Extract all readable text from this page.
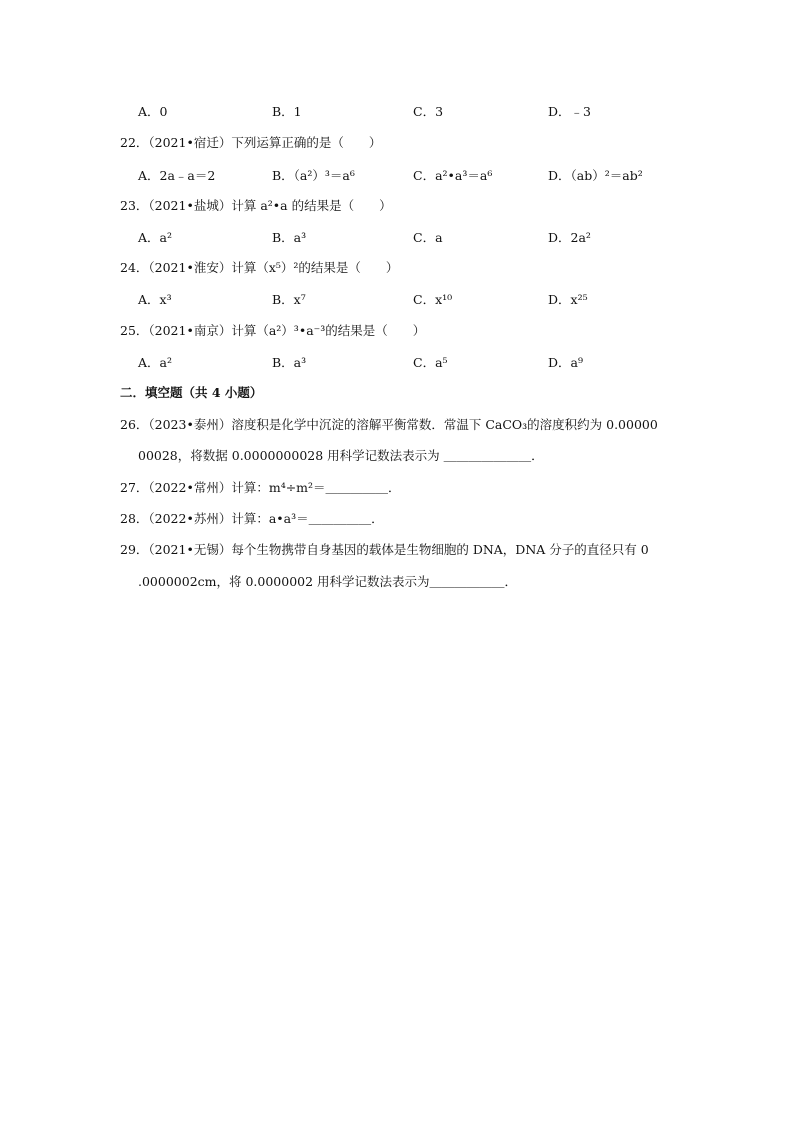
A．0	B．1	C．3	D．﹣3
22．（2021•宿迁）下列运算正确的是（　　）
A．2a﹣a＝2	B．（a²）³＝a⁶	C．a²•a³＝a⁶	D．（ab）²＝ab²
23．（2021•盐城）计算 a²•a 的结果是（　　）
A．a²	B．a³	C．a	D．2a²
24．（2021•淮安）计算（x⁵）²的结果是（　　）
A．x³	B．x⁷	C．x¹⁰	D．x²⁵
25．（2021•南京）计算（a²）³•a⁻³的结果是（　　）
A．a²	B．a³	C．a⁵	D．a⁹
二．填空题（共 4 小题）
26．（2023•泰州）溶度积是化学中沉淀的溶解平衡常数．常温下 CaCO₃的溶度积约为 0.00000
00028，将数据 0.0000000028 用科学记数法表示为 ＿＿＿＿＿＿＿．
27．（2022•常州）计算：m⁴÷m²＝＿＿＿＿＿．
28．（2022•苏州）计算：a•a³＝＿＿＿＿＿．
29．（2021•无锡）每个生物携带自身基因的载体是生物细胞的 DNA，DNA 分子的直径只有 0
.0000002cm，将 0.0000002 用科学记数法表示为＿＿＿＿＿＿．
